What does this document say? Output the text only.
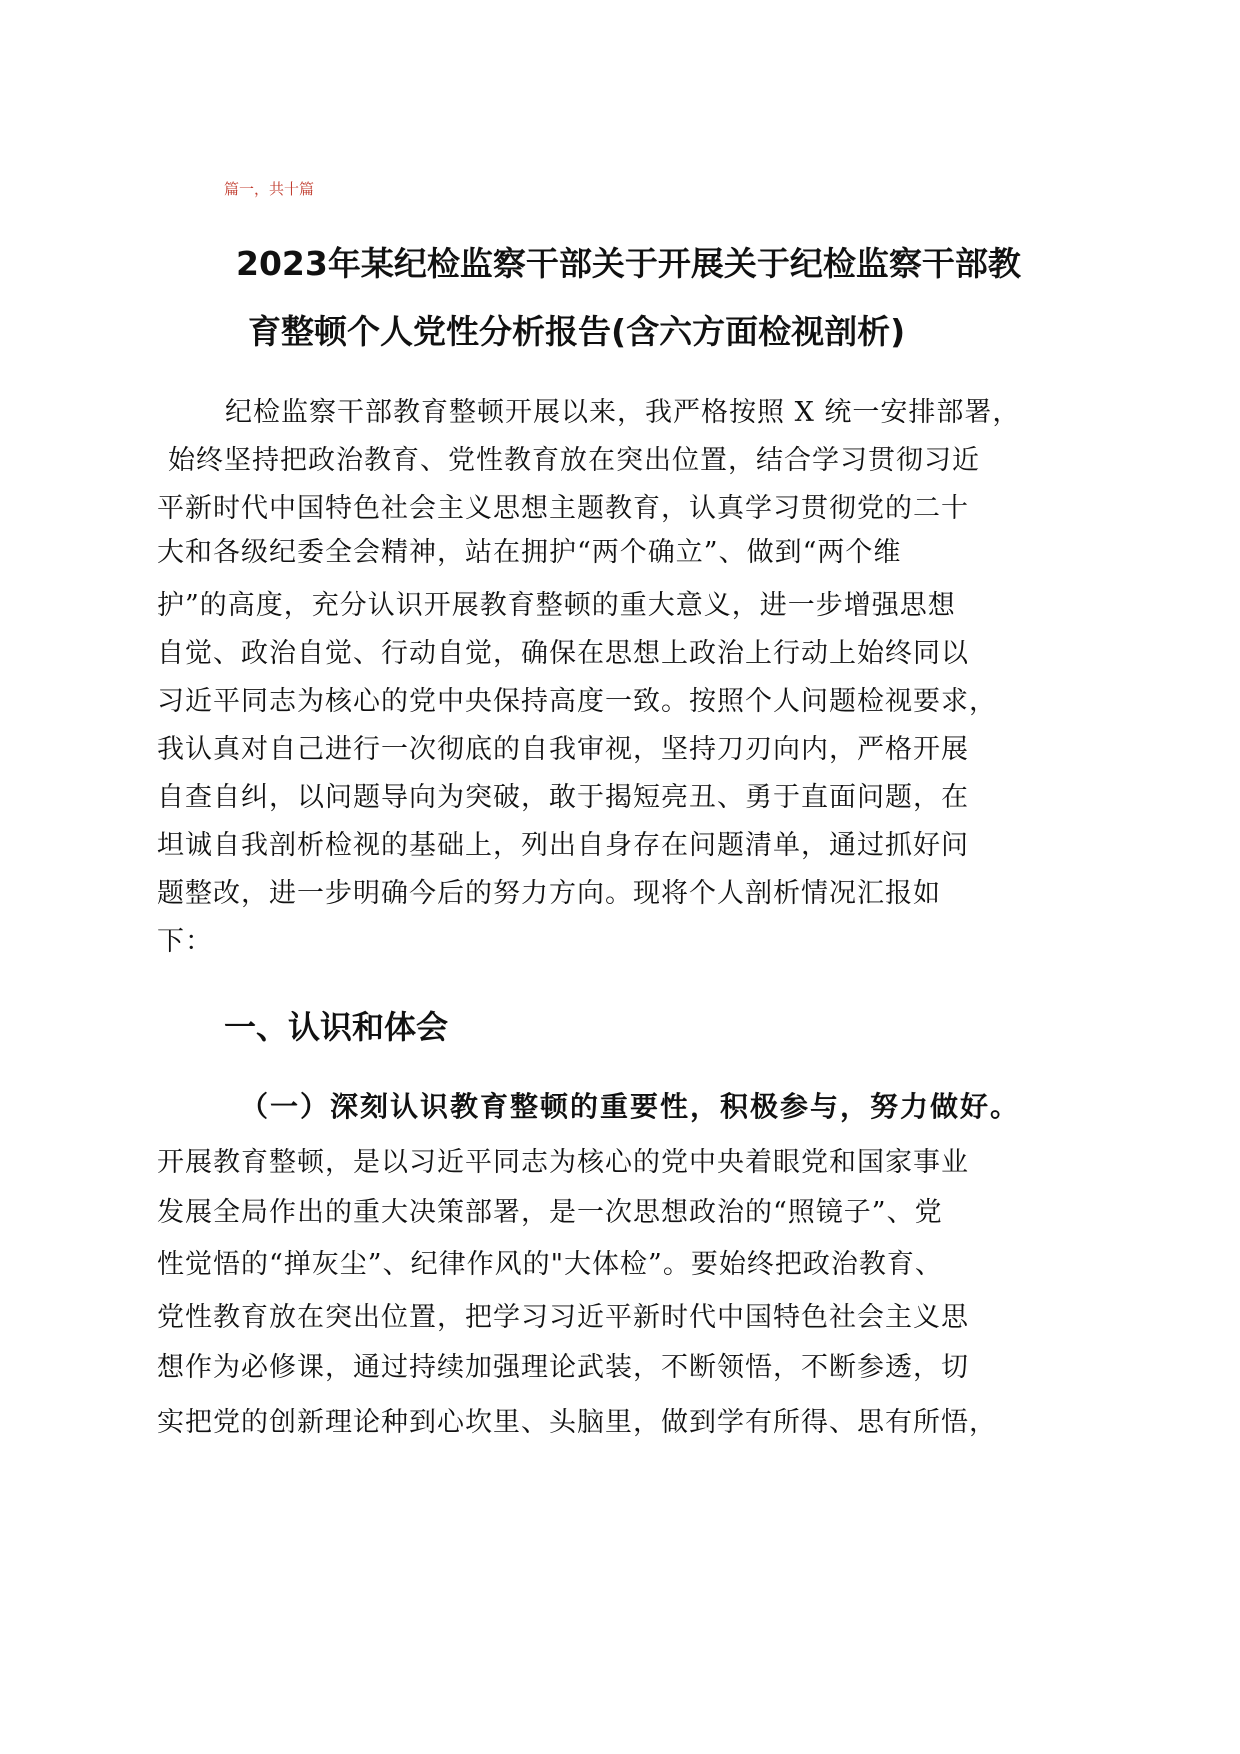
篇一，共十篇
2023年某纪检监察干部关于开展关于纪检监察干部教
育整顿个人党性分析报告(含六方面检视剖析)
纪检监察干部教育整顿开展以来，我严格按照 X 统一安排部署，
始终坚持把政治教育、党性教育放在突出位置，结合学习贯彻习近
平新时代中国特色社会主义思想主题教育，认真学习贯彻党的二十
大和各级纪委全会精神，站在拥护“两个确立”、做到“两个维
护”的高度，充分认识开展教育整顿的重大意义，进一步增强思想
自觉、政治自觉、行动自觉，确保在思想上政治上行动上始终同以
习近平同志为核心的党中央保持高度一致。按照个人问题检视要求，
我认真对自己进行一次彻底的自我审视，坚持刀刃向内，严格开展
自查自纠，以问题导向为突破，敢于揭短亮丑、勇于直面问题，在
坦诚自我剖析检视的基础上，列出自身存在问题清单，通过抓好问
题整改，进一步明确今后的努力方向。现将个人剖析情况汇报如
下：
一、认识和体会
（一）深刻认识教育整顿的重要性，积极参与，努力做好。
开展教育整顿，是以习近平同志为核心的党中央着眼党和国家事业
发展全局作出的重大决策部署，是一次思想政治的“照镜子”、党
性觉悟的“掸灰尘”、纪律作风的"大体检”。要始终把政治教育、
党性教育放在突出位置，把学习习近平新时代中国特色社会主义思
想作为必修课，通过持续加强理论武装，不断领悟，不断参透，切
实把党的创新理论种到心坎里、头脑里，做到学有所得、思有所悟，
